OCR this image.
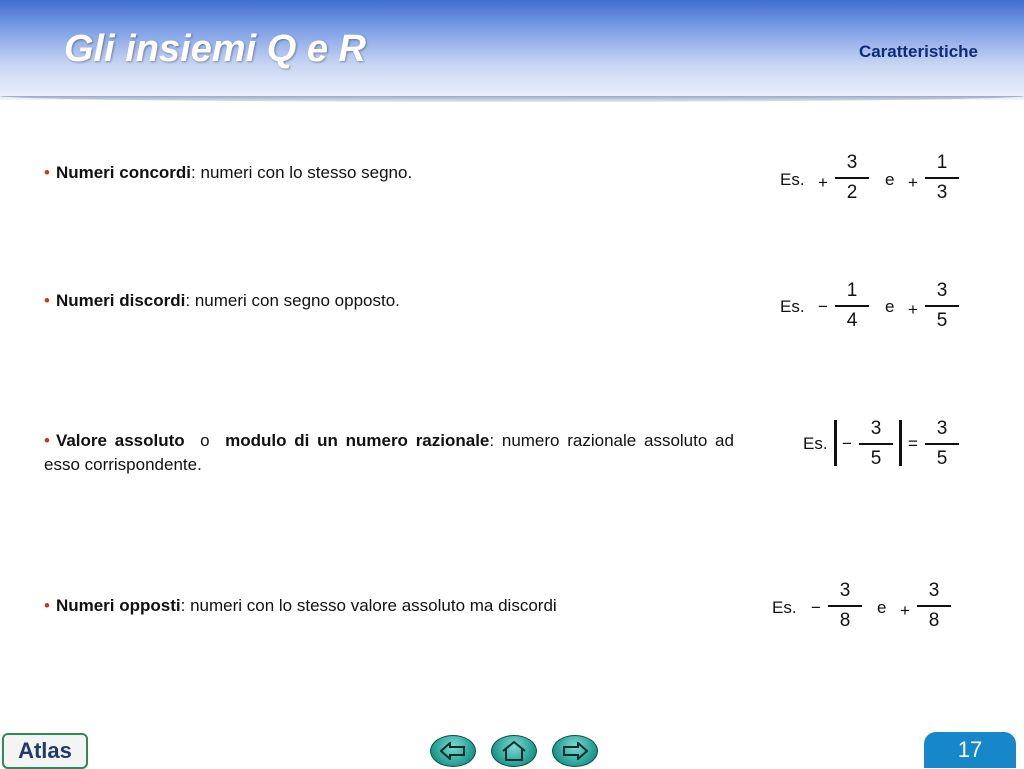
Gli insiemi Q e R	Caratteristiche
• Numeri concordi: numeri con lo stesso segno.
• Numeri discordi: numeri con segno opposto.
• Valore assoluto o modulo di un numero razionale: numero razionale assoluto ad esso corrispondente.
• Numeri opposti: numeri con lo stesso valore assoluto ma discordi
Es. +
3
2
e +
1
3
Es. −
1
4
e +
3
5
Es. −
3
5
=
3
5
Es. −
3
8
e +
3
8
Atlas	17
